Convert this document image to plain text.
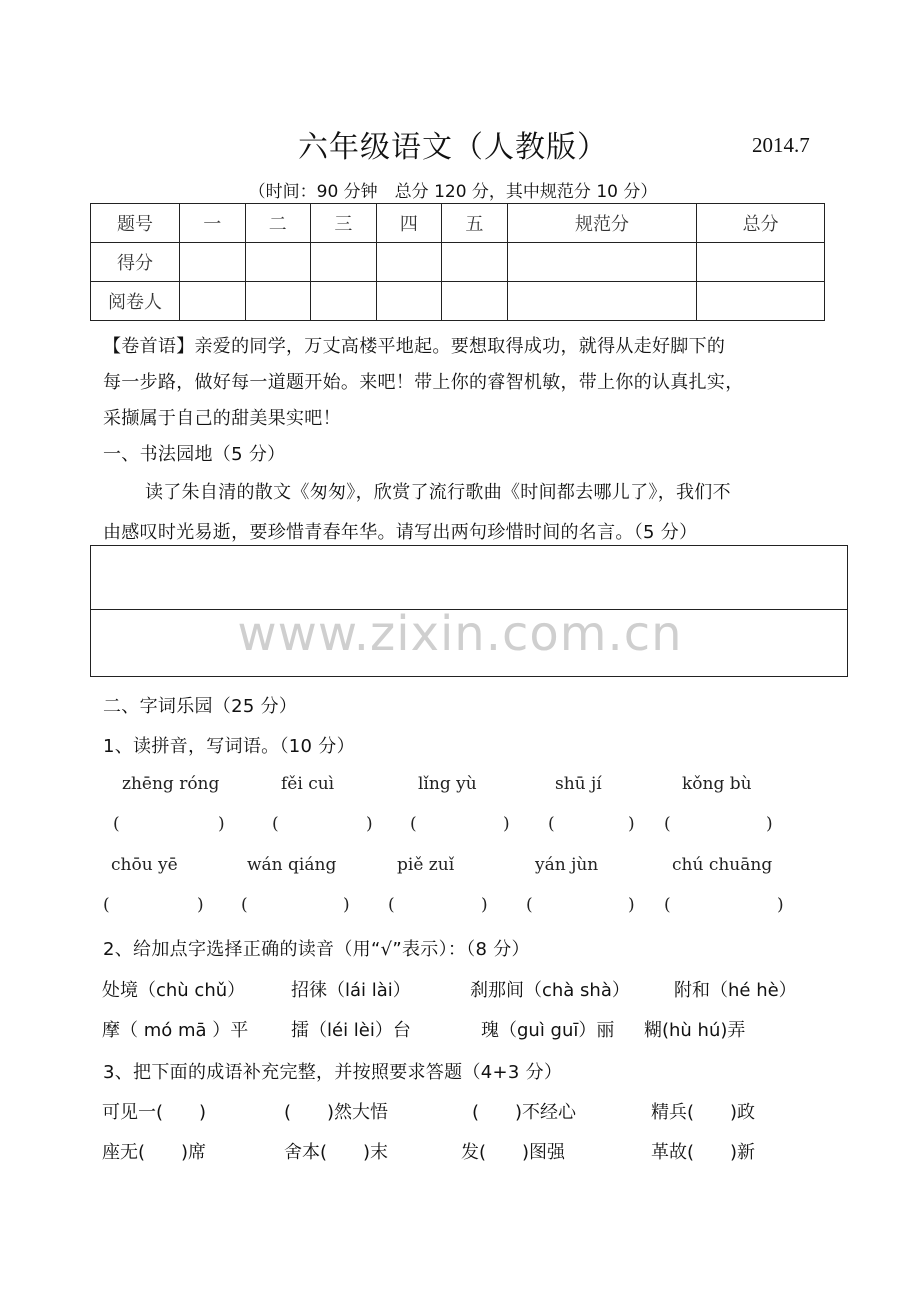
六年级语文（人教版）	2014.7
（时间：90 分钟　总分 120 分，其中规范分 10 分）
题号	一	二	三	四	五	规范分	总分
得分							
阅卷人							
【卷首语】亲爱的同学，万丈高楼平地起。要想取得成功，就得从走好脚下的
每一步路，做好每一道题开始。来吧！带上你的睿智机敏，带上你的认真扎实，
采撷属于自己的甜美果实吧！
一、书法园地（5 分）
读了朱自清的散文《匆匆》，欣赏了流行歌曲《时间都去哪儿了》，我们不
由感叹时光易逝，要珍惜青春年华。请写出两句珍惜时间的名言。（5 分）
www.zixin.com.cn
二、字词乐园（25 分）
1、读拼音，写词语。（10 分）
zhēng róng	fěi cuì	lǐng yù	shū jí	kǒng bù
(	)	(	) (	) (	) (	)
chōu yē	wán qiáng	piě zuǐ	yán jùn	chú chuāng
(	) (	) (	) (	) (	)
2、给加点字选择正确的读音（用“√”表示）：（8 分）
处境（chù chǔ）	招徕（lái lài）	刹那间（chà shà） 附和（hé hè）
摩（ mó mā ）平 擂（léi lèi）台	瑰（guì guī）丽 糊(hù hú)弄
3、把下面的成语补充完整，并按照要求答题（4+3 分）
可见一(　　)	(　　)然大悟	(　　)不经心	精兵(　　)政
座无(　　)席	舍本(　　)末	发(　　)图强	革故(　　)新
